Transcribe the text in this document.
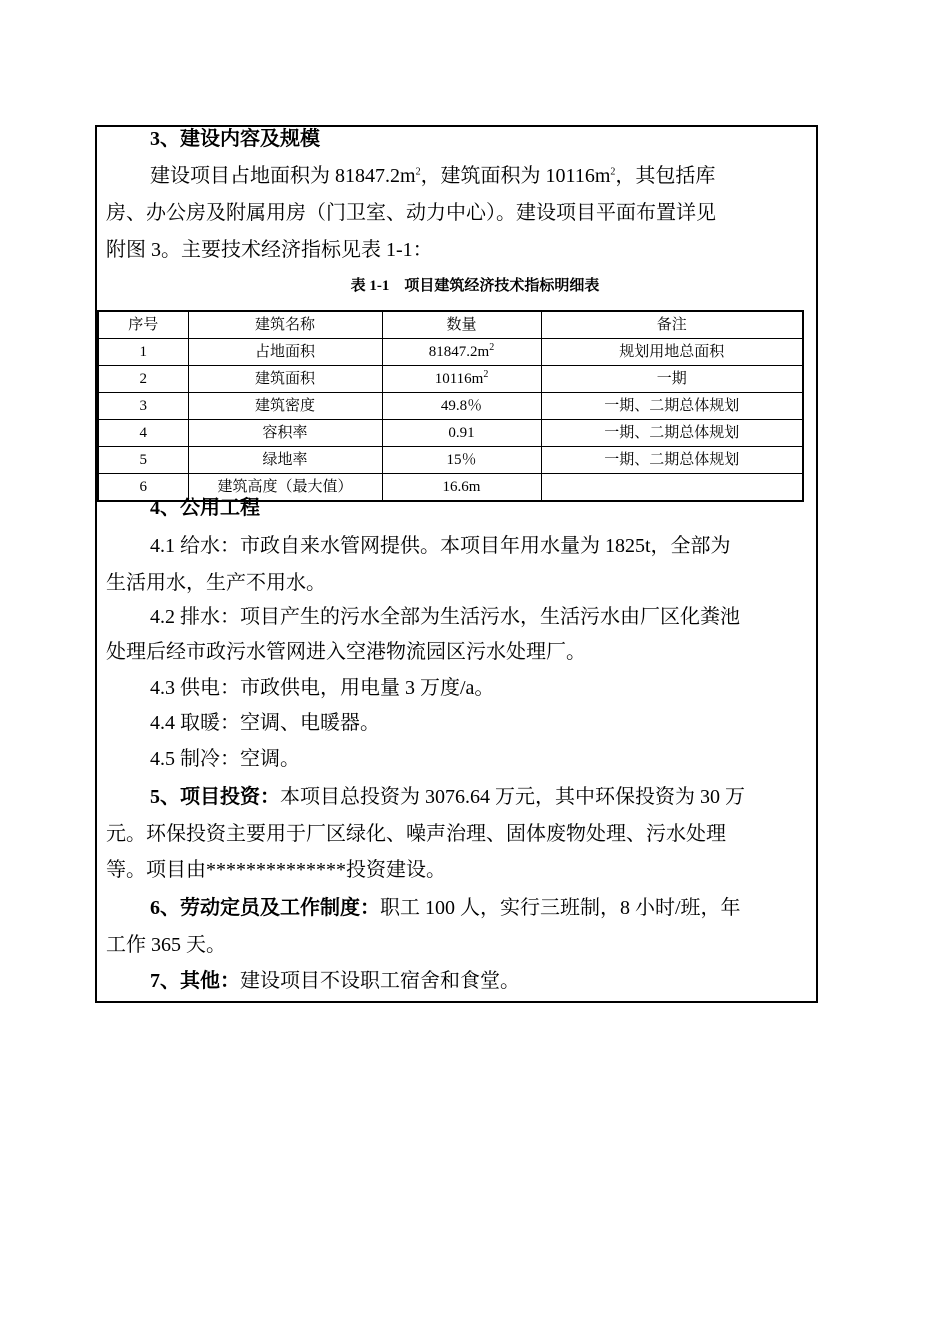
3、建设内容及规模
建设项目占地面积为 $81847.2m^2$，建筑面积为 $10116m^2$，其包括库
房、办公房及附属用房（门卫室、动力中心）。建设项目平面布置详见
附图 3。主要技术经济指标见表 1-1：
表 1-1　项目建筑经济技术指标明细表
序号	建筑名称	数量	备注
1	占地面积	$81847.2m^2$	规划用地总面积
2	建筑面积	$10116m^2$	一期
3	建筑密度	49.8％	一期、二期总体规划
4	容积率	0.91	一期、二期总体规划
5	绿地率	15％	一期、二期总体规划
6	建筑高度（最大值）	16.6m	
4、公用工程
4.1 给水：市政自来水管网提供。本项目年用水量为 1825t，全部为
生活用水，生产不用水。
4.2 排水：项目产生的污水全部为生活污水，生活污水由厂区化粪池
处理后经市政污水管网进入空港物流园区污水处理厂。
4.3 供电：市政供电，用电量 3 万度/a。
4.4 取暖：空调、电暖器。
4.5 制冷：空调。
5、项目投资：本项目总投资为 3076.64 万元，其中环保投资为 30 万
元。环保投资主要用于厂区绿化、噪声治理、固体废物处理、污水处理
等。项目由**************投资建设。
6、劳动定员及工作制度：职工 100 人，实行三班制，8 小时/班，年
工作 365 天。
7、其他：建设项目不设职工宿舍和食堂。
